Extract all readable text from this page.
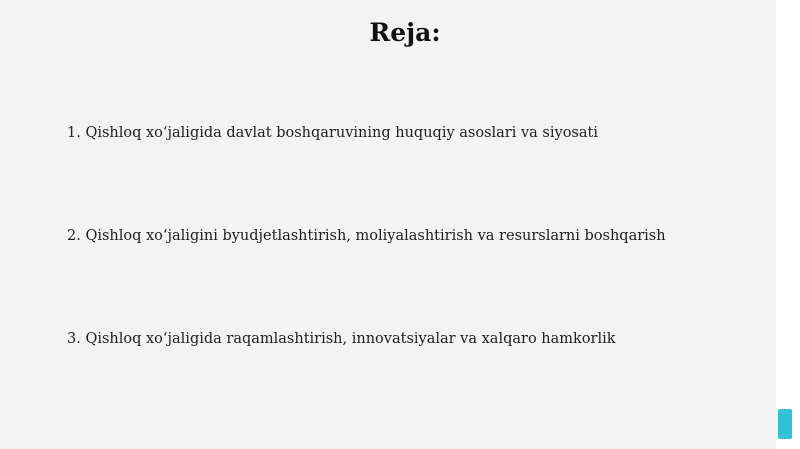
Reja:

1. Qishloq xo‘jaligida davlat boshqaruvining huquqiy asoslari va siyosati

2. Qishloq xo‘jaligini byudjetlashtirish, moliyalashtirish va resurslarni boshqarish

3. Qishloq xo‘jaligida raqamlashtirish, innovatsiyalar va xalqaro hamkorlik
